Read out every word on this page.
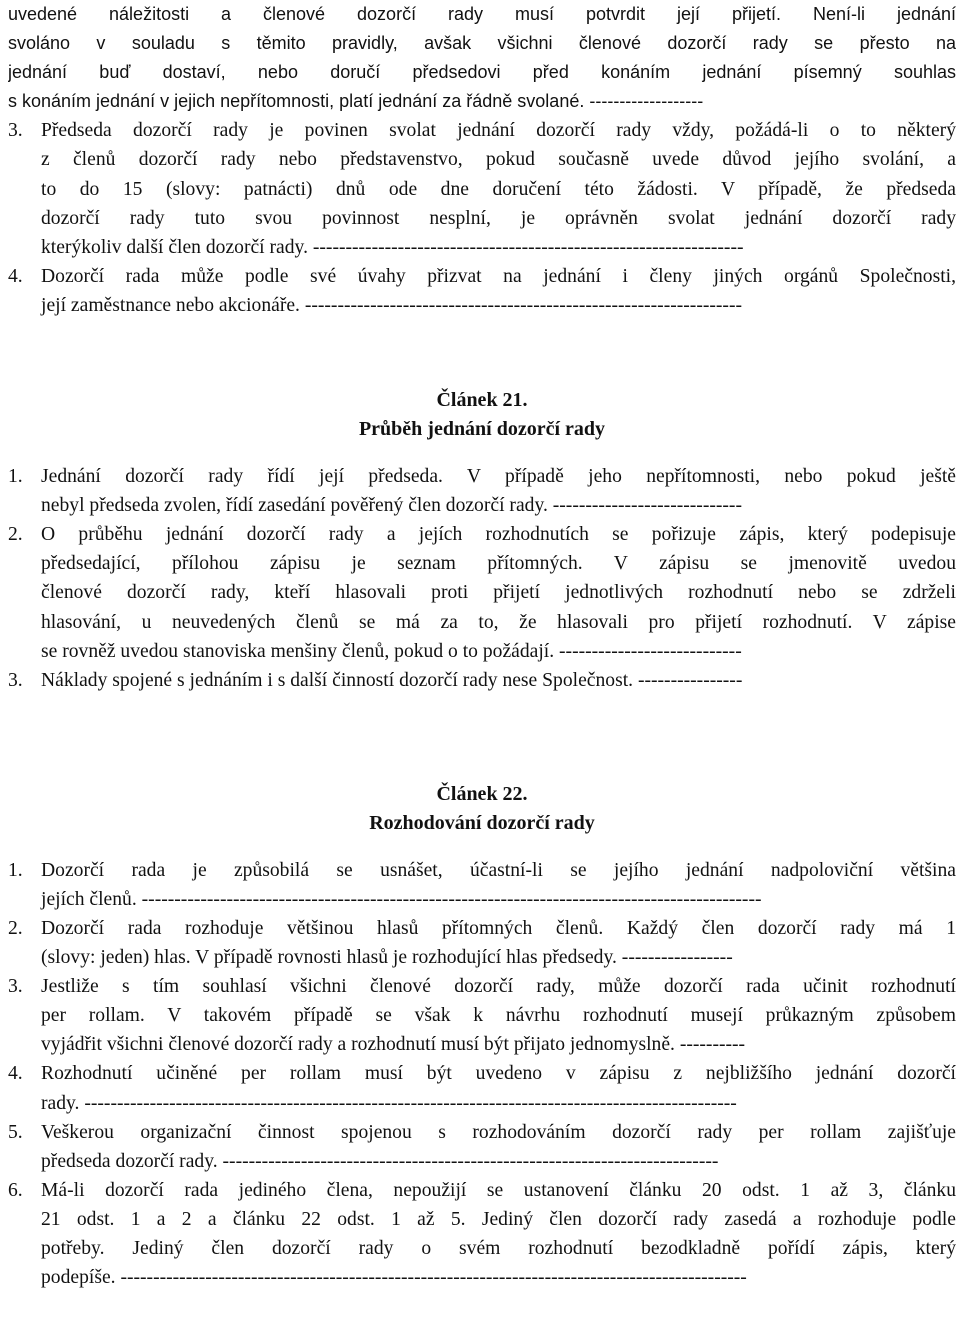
uvedené náležitosti a členové dozorčí rady musí potvrdit její přijetí. Není-li jednání
svoláno v souladu s těmito pravidly, avšak všichni členové dozorčí rady se přesto na
jednání buď dostaví, nebo doručí předsedovi před konáním jednání písemný souhlas
s konáním jednání v jejich nepřítomnosti, platí jednání za řádně svolané. -------------------
3. Předseda dozorčí rady je povinen svolat jednání dozorčí rady vždy, požádá-li o to některý
z členů dozorčí rady nebo představenstvo, pokud současně uvede důvod jejího svolání, a
to do 15 (slovy: patnácti) dnů ode dne doručení této žádosti. V případě, že předseda
dozorčí rady tuto svou povinnost nesplní, je oprávněn svolat jednání dozorčí rady
kterýkoliv další člen dozorčí rady. ------------------------------------------------------------------
4. Dozorčí rada může podle své úvahy přizvat na jednání i členy jiných orgánů Společnosti,
její zaměstnance nebo akcionáře. -------------------------------------------------------------------
Článek 21.
Průběh jednání dozorčí rady
1. Jednání dozorčí rady řídí její předseda. V případě jeho nepřítomnosti, nebo pokud ještě
nebyl předseda zvolen, řídí zasedání pověřený člen dozorčí rady. -----------------------------
2. O průběhu jednání dozorčí rady a jejích rozhodnutích se pořizuje zápis, který podepisuje
předsedající, přílohou zápisu je seznam přítomných. V zápisu se jmenovitě uvedou
členové dozorčí rady, kteří hlasovali proti přijetí jednotlivých rozhodnutí nebo se zdrželi
hlasování, u neuvedených členů se má za to, že hlasovali pro přijetí rozhodnutí. V zápise
se rovněž uvedou stanoviska menšiny členů, pokud o to požádají. ----------------------------
3. Náklady spojené s jednáním i s další činností dozorčí rady nese Společnost. ----------------
Článek 22.
Rozhodování dozorčí rady
1. Dozorčí rada je způsobilá se usnášet, účastní-li se jejího jednání nadpoloviční většina
jejích členů. -----------------------------------------------------------------------------------------------
2. Dozorčí rada rozhoduje většinou hlasů přítomných členů. Každý člen dozorčí rady má 1
(slovy: jeden) hlas. V případě rovnosti hlasů je rozhodující hlas předsedy. -----------------
3. Jestliže s tím souhlasí všichni členové dozorčí rady, může dozorčí rada učinit rozhodnutí
per rollam. V takovém případě se však k návrhu rozhodnutí musejí průkazným způsobem
vyjádřit všichni členové dozorčí rady a rozhodnutí musí být přijato jednomyslně. ----------
4. Rozhodnutí učiněné per rollam musí být uvedeno v zápisu z nejbližšího jednání dozorčí
rady. ----------------------------------------------------------------------------------------------------
5. Veškerou organizační činnost spojenou s rozhodováním dozorčí rady per rollam zajišťuje
předseda dozorčí rady. ----------------------------------------------------------------------------
6. Má-li dozorčí rada jediného člena, nepoužijí se ustanovení článku 20 odst. 1 až 3, článku
21 odst. 1 a 2 a článku 22 odst. 1 až 5. Jediný člen dozorčí rady zasedá a rozhoduje podle
potřeby. Jediný člen dozorčí rady o svém rozhodnutí bezodkladně pořídí zápis, který
podepíše. ------------------------------------------------------------------------------------------------
